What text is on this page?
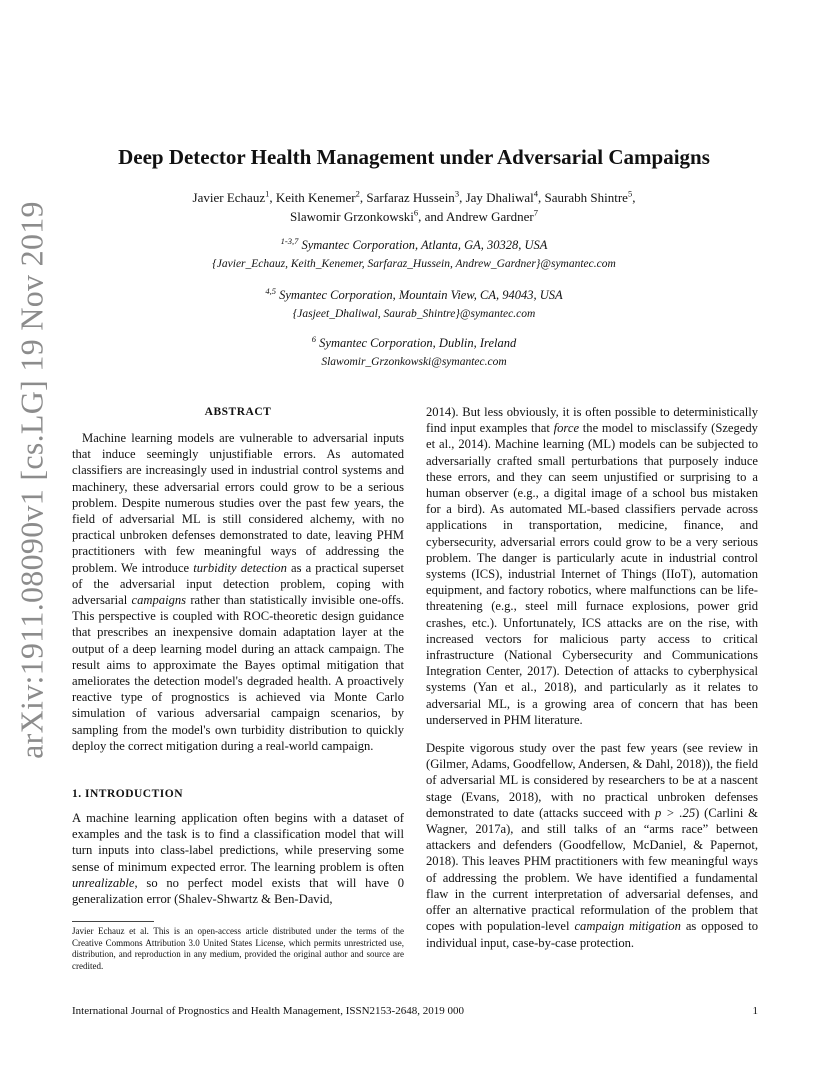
arXiv:1911.08090v1 [cs.LG] 19 Nov 2019
Deep Detector Health Management under Adversarial Campaigns
Javier Echauz$^1$, Keith Kenemer$^2$, Sarfaraz Hussein$^3$, Jay Dhaliwal$^4$, Saurabh Shintre$^5$,
Slawomir Grzonkowski$^6$, and Andrew Gardner$^7$
$^{1-3,7}$ Symantec Corporation, Atlanta, GA, 30328, USA
{Javier_Echauz, Keith_Kenemer, Sarfaraz_Hussein, Andrew_Gardner}@symantec.com
$^{4,5}$ Symantec Corporation, Mountain View, CA, 94043, USA
{Jasjeet_Dhaliwal, Saurab_Shintre}@symantec.com
$^6$ Symantec Corporation, Dublin, Ireland
Slawomir_Grzonkowski@symantec.com
ABSTRACT

Machine learning models are vulnerable to adversarial inputs that induce seemingly unjustifiable errors. As automated classifiers are increasingly used in industrial control systems and machinery, these adversarial errors could grow to be a serious problem. Despite numerous studies over the past few years, the field of adversarial ML is still considered alchemy, with no practical unbroken defenses demonstrated to date, leaving PHM practitioners with few meaningful ways of addressing the problem. We introduce turbidity detection as a practical superset of the adversarial input detection problem, coping with adversarial campaigns rather than statistically invisible one-offs. This perspective is coupled with ROC-theoretic design guidance that prescribes an inexpensive domain adaptation layer at the output of a deep learning model during an attack campaign. The result aims to approximate the Bayes optimal mitigation that ameliorates the detection model's degraded health. A proactively reactive type of prognostics is achieved via Monte Carlo simulation of various adversarial campaign scenarios, by sampling from the model's own turbidity distribution to quickly deploy the correct mitigation during a real-world campaign.

1. INTRODUCTION

A machine learning application often begins with a dataset of examples and the task is to find a classification model that will turn inputs into class-label predictions, while preserving some sense of minimum expected error. The learning problem is often unrealizable, so no perfect model exists that will have 0 generalization error (Shalev-Shwartz & Ben-David,

2014). But less obviously, it is often possible to deterministically find input examples that force the model to misclassify (Szegedy et al., 2014). Machine learning (ML) models can be subjected to adversarially crafted small perturbations that purposely induce these errors, and they can seem unjustified or surprising to a human observer (e.g., a digital image of a school bus mistaken for a bird). As automated ML-based classifiers pervade across applications in transportation, medicine, finance, and cybersecurity, adversarial errors could grow to be a very serious problem. The danger is particularly acute in industrial control systems (ICS), industrial Internet of Things (IIoT), automation equipment, and factory robotics, where malfunctions can be life-threatening (e.g., steel mill furnace explosions, power grid crashes, etc.). Unfortunately, ICS attacks are on the rise, with increased vectors for malicious party access to critical infrastructure (National Cybersecurity and Communications Integration Center, 2017). Detection of attacks to cyberphysical systems (Yan et al., 2018), and particularly as it relates to adversarial ML, is a growing area of concern that has been underserved in PHM literature.

Despite vigorous study over the past few years (see review in (Gilmer, Adams, Goodfellow, Andersen, & Dahl, 2018)), the field of adversarial ML is considered by researchers to be at a nascent stage (Evans, 2018), with no practical unbroken defenses demonstrated to date (attacks succeed with p > .25) (Carlini & Wagner, 2017a), and still talks of an “arms race” between attackers and defenders (Goodfellow, McDaniel, & Papernot, 2018). This leaves PHM practitioners with few meaningful ways of addressing the problem. We have identified a fundamental flaw in the current interpretation of adversarial defenses, and offer an alternative practical reformulation of the problem that copes with population-level campaign mitigation as opposed to individual input, case-by-case protection.

Javier Echauz et al. This is an open-access article distributed under the terms of the Creative Commons Attribution 3.0 United States License, which permits unrestricted use, distribution, and reproduction in any medium, provided the original author and source are credited.
International Journal of Prognostics and Health Management, ISSN2153-2648, 2019 000	1
